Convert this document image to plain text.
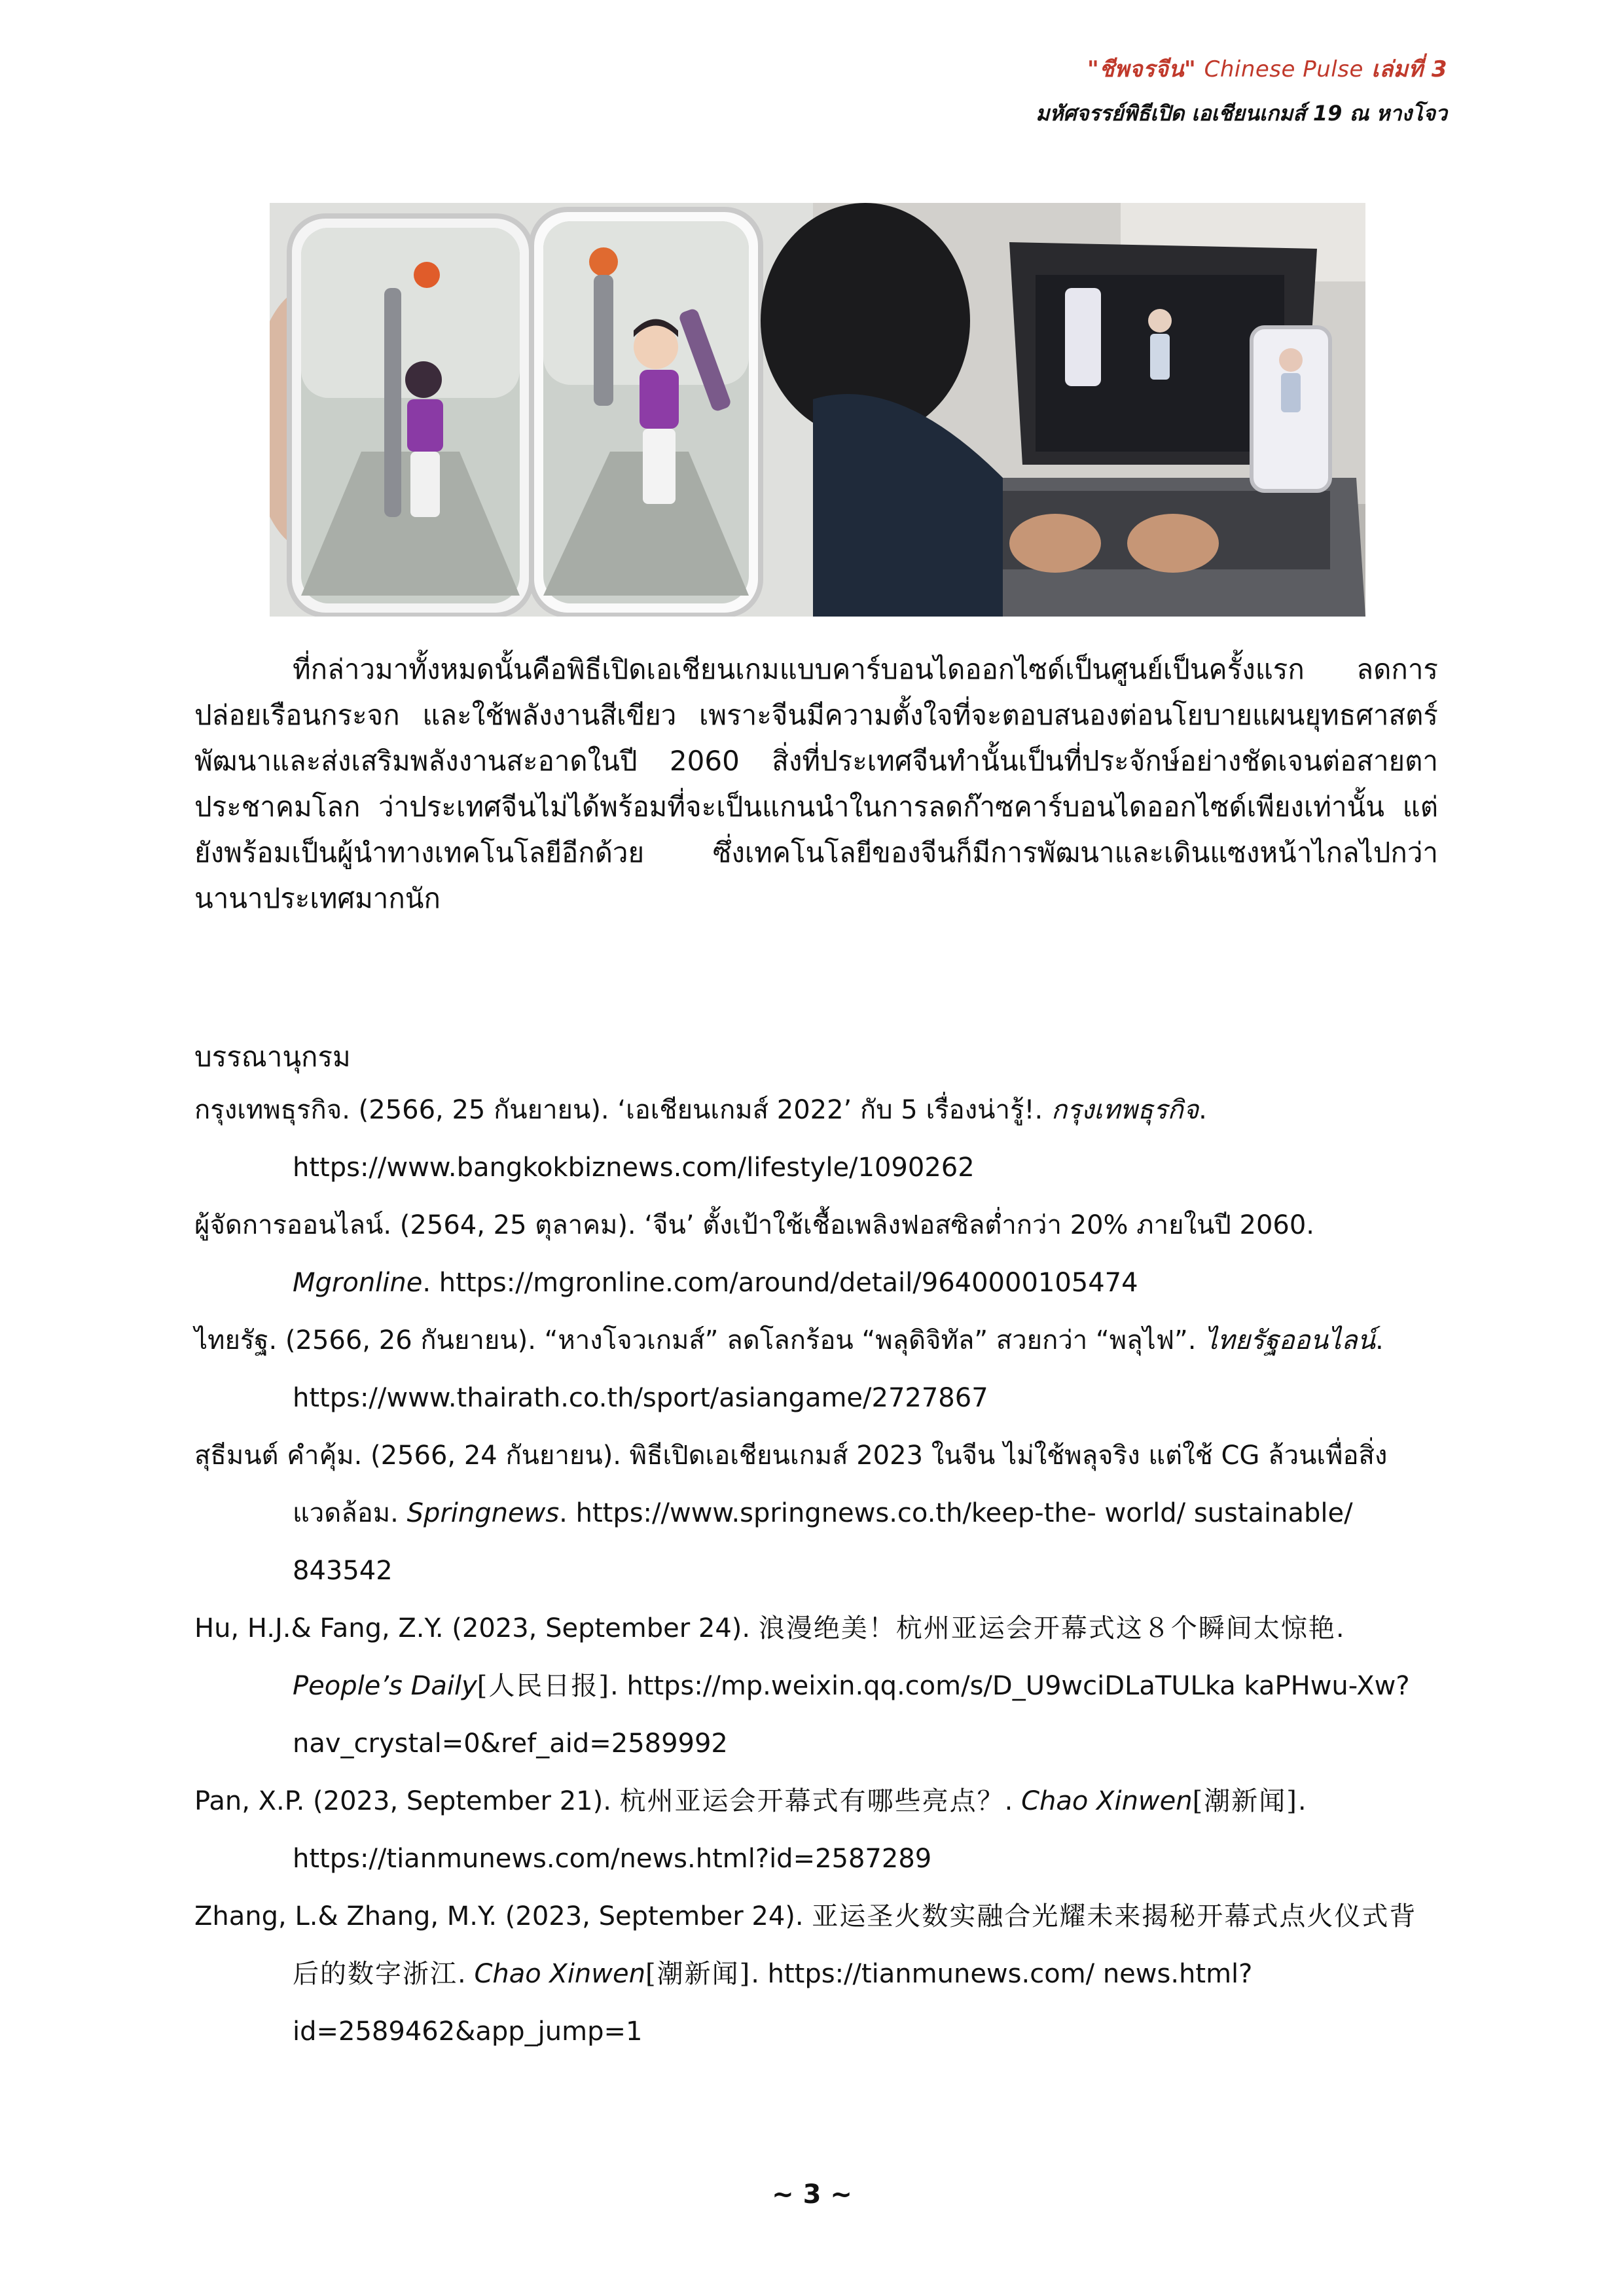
"ชีพจรจีน" Chinese Pulse เล่มที่ 3
มหัศจรรย์พิธีเปิด เอเชียนเกมส์ 19 ณ หางโจว

ที่กล่าวมาทั้งหมดนั้นคือพิธีเปิดเอเชียนเกมแบบคาร์บอนไดออกไซด์เป็นศูนย์เป็นครั้งแรก ลดการปล่อยเรือนกระจก และใช้พลังงานสีเขียว เพราะจีนมีความตั้งใจที่จะตอบสนองต่อนโยบายแผนยุทธศาสตร์พัฒนาและส่งเสริมพลังงานสะอาดในปี 2060 สิ่งที่ประเทศจีนทำนั้นเป็นที่ประจักษ์อย่างชัดเจนต่อสายตาประชาคมโลก ว่าประเทศจีนไม่ได้พร้อมที่จะเป็นแกนนำในการลดก๊าซคาร์บอนไดออกไซด์เพียงเท่านั้น แต่ยังพร้อมเป็นผู้นำทางเทคโนโลยีอีกด้วย ซึ่งเทคโนโลยีของจีนก็มีการพัฒนาและเดินแซงหน้าไกลไปกว่านานาประเทศมากนัก

บรรณานุกรม

กรุงเทพธุรกิจ. (2566, 25 กันยายน). ‘เอเชียนเกมส์ 2022’ กับ 5 เรื่องน่ารู้!. กรุงเทพธุรกิจ. https://www.bangkokbiznews.com/lifestyle/1090262

ผู้จัดการออนไลน์. (2564, 25 ตุลาคม). ‘จีน’ ตั้งเป้าใช้เชื้อเพลิงฟอสซิลต่ำกว่า 20% ภายในปี 2060. Mgronline. https://mgronline.com/around/detail/9640000105474

ไทยรัฐ. (2566, 26 กันยายน). “หางโจวเกมส์” ลดโลกร้อน “พลุดิจิทัล” สวยกว่า “พลุไฟ”. ไทยรัฐออนไลน์. https://www.thairath.co.th/sport/asiangame/2727867

สุธีมนต์ คำคุ้ม. (2566, 24 กันยายน). พิธีเปิดเอเชียนเกมส์ 2023 ในจีน ไม่ใช้พลุจริง แต่ใช้ CG ล้วนเพื่อสิ่งแวดล้อม. Springnews. https://www.springnews.co.th/keep-the- world/ sustainable/ 843542

Hu, H.J.& Fang, Z.Y. (2023, September 24). 浪漫绝美！杭州亚运会开幕式这８个瞬间太惊艳. People’s Daily[人民日报]. https://mp.weixin.qq.com/s/D_U9wciDLaTULka kaPHwu-Xw?nav_crystal=0&ref_aid=2589992

Pan, X.P. (2023, September 21). 杭州亚运会开幕式有哪些亮点？. Chao Xinwen[潮新闻]. https://tianmunews.com/news.html?id=2587289

Zhang, L.& Zhang, M.Y. (2023, September 24). 亚运圣火数实融合光耀未来揭秘开幕式点火仪式背后的数字浙江. Chao Xinwen[潮新闻]. https://tianmunews.com/ news.html?id=2589462&app_jump=1

~ 3 ~
